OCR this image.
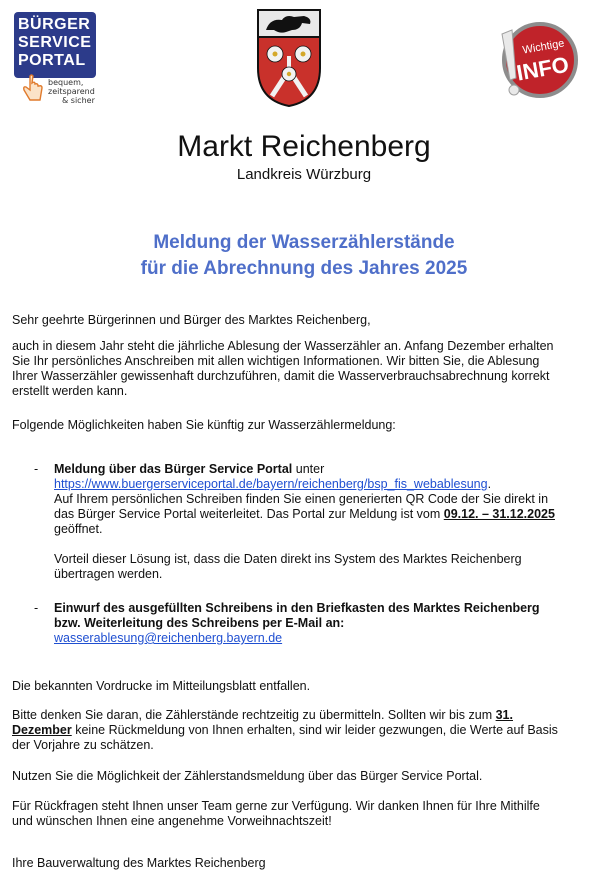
BÜRGER
SERVICE
PORTAL
bequem,
zeitsparend
& sicher
Wichtige
INFO
Markt Reichenberg
Landkreis Würzburg
Meldung der Wasserzählerstände
für die Abrechnung des Jahres 2025
Sehr geehrte Bürgerinnen und Bürger des Marktes Reichenberg,

auch in diesem Jahr steht die jährliche Ablesung der Wasserzähler an. Anfang Dezember erhalten

Sie Ihr persönliches Anschreiben mit allen wichtigen Informationen. Wir bitten Sie, die Ablesung

Ihrer Wasserzähler gewissenhaft durchzuführen, damit die Wasserverbrauchsabrechnung korrekt

erstellt werden kann.

Folgende Möglichkeiten haben Sie künftig zur Wasserzählermeldung:
- Meldung über das Bürger Service Portal unter

https://www.buergerserviceportal.de/bayern/reichenberg/bsp_fis_webablesung.

Auf Ihrem persönlichen Schreiben finden Sie einen generierten QR Code der Sie direkt in

das Bürger Service Portal weiterleitet. Das Portal zur Meldung ist vom 09.12. – 31.12.2025

geöffnet.

Vorteil dieser Lösung ist, dass die Daten direkt ins System des Marktes Reichenberg

übertragen werden.

- Einwurf des ausgefüllten Schreibens in den Briefkasten des Marktes Reichenberg

bzw. Weiterleitung des Schreibens per E-Mail an:

wasserablesung@reichenberg.bayern.de

Die bekannten Vordrucke im Mitteilungsblatt entfallen.

Bitte denken Sie daran, die Zählerstände rechtzeitig zu übermitteln. Sollten wir bis zum 31.

Dezember keine Rückmeldung von Ihnen erhalten, sind wir leider gezwungen, die Werte auf Basis

der Vorjahre zu schätzen.

Nutzen Sie die Möglichkeit der Zählerstandsmeldung über das Bürger Service Portal.

Für Rückfragen steht Ihnen unser Team gerne zur Verfügung. Wir danken Ihnen für Ihre Mithilfe

und wünschen Ihnen eine angenehme Vorweihnachtszeit!

Ihre Bauverwaltung des Marktes Reichenberg
